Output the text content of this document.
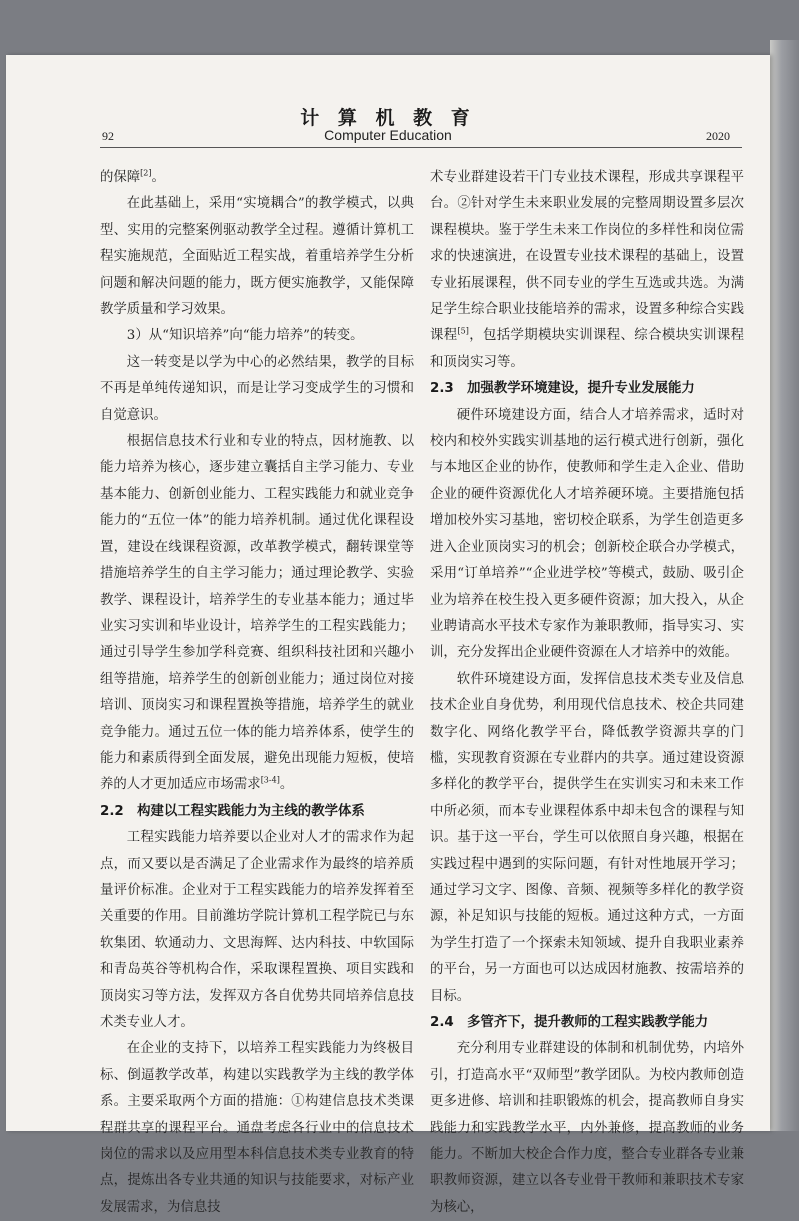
计 算 机 教 育
Computer Education
92	2020

的保障[2]。

在此基础上，采用“实境耦合”的教学模式，以典型、实用的完整案例驱动教学全过程。遵循计算机工程实施规范，全面贴近工程实战，着重培养学生分析问题和解决问题的能力，既方便实施教学，又能保障教学质量和学习效果。

3）从“知识培养”向“能力培养”的转变。

这一转变是以学为中心的必然结果，教学的目标不再是单纯传递知识，而是让学习变成学生的习惯和自觉意识。

根据信息技术行业和专业的特点，因材施教、以能力培养为核心，逐步建立囊括自主学习能力、专业基本能力、创新创业能力、工程实践能力和就业竞争能力的“五位一体”的能力培养机制。通过优化课程设置，建设在线课程资源，改革教学模式，翻转课堂等措施培养学生的自主学习能力；通过理论教学、实验教学、课程设计，培养学生的专业基本能力；通过毕业实习实训和毕业设计，培养学生的工程实践能力；通过引导学生参加学科竞赛、组织科技社团和兴趣小组等措施，培养学生的创新创业能力；通过岗位对接培训、顶岗实习和课程置换等措施，培养学生的就业竞争能力。通过五位一体的能力培养体系，使学生的能力和素质得到全面发展，避免出现能力短板，使培养的人才更加适应市场需求[3-4]。

2.2　构建以工程实践能力为主线的教学体系

工程实践能力培养要以企业对人才的需求作为起点，而又要以是否满足了企业需求作为最终的培养质量评价标准。企业对于工程实践能力的培养发挥着至关重要的作用。目前潍坊学院计算机工程学院已与东软集团、软通动力、文思海辉、达内科技、中软国际和青岛英谷等机构合作，采取课程置换、项目实践和顶岗实习等方法，发挥双方各自优势共同培养信息技术类专业人才。

在企业的支持下，以培养工程实践能力为终极目标、倒逼教学改革，构建以实践教学为主线的教学体系。主要采取两个方面的措施：①构建信息技术类课程群共享的课程平台。通盘考虑各行业中的信息技术岗位的需求以及应用型本科信息技术类专业教育的特点，提炼出各专业共通的知识与技能要求，对标产业发展需求，为信息技

术专业群建设若干门专业技术课程，形成共享课程平台。②针对学生未来职业发展的完整周期设置多层次课程模块。鉴于学生未来工作岗位的多样性和岗位需求的快速演进，在设置专业技术课程的基础上，设置专业拓展课程，供不同专业的学生互选或共选。为满足学生综合职业技能培养的需求，设置多种综合实践课程[5]，包括学期模块实训课程、综合模块实训课程和顶岗实习等。

2.3　加强教学环境建设，提升专业发展能力

硬件环境建设方面，结合人才培养需求，适时对校内和校外实践实训基地的运行模式进行创新，强化与本地区企业的协作，使教师和学生走入企业、借助企业的硬件资源优化人才培养硬环境。主要措施包括增加校外实习基地，密切校企联系，为学生创造更多进入企业顶岗实习的机会；创新校企联合办学模式，采用“订单培养”“企业进学校”等模式，鼓励、吸引企业为培养在校生投入更多硬件资源；加大投入，从企业聘请高水平技术专家作为兼职教师，指导实习、实训，充分发挥出企业硬件资源在人才培养中的效能。

软件环境建设方面，发挥信息技术类专业及信息技术企业自身优势，利用现代信息技术、校企共同建数字化、网络化教学平台，降低教学资源共享的门槛，实现教育资源在专业群内的共享。通过建设资源多样化的教学平台，提供学生在实训实习和未来工作中所必须，而本专业课程体系中却未包含的课程与知识。基于这一平台，学生可以依照自身兴趣，根据在实践过程中遇到的实际问题，有针对性地展开学习；通过学习文字、图像、音频、视频等多样化的教学资源，补足知识与技能的短板。通过这种方式，一方面为学生打造了一个探索未知领域、提升自我职业素养的平台，另一方面也可以达成因材施教、按需培养的目标。

2.4　多管齐下，提升教师的工程实践教学能力

充分利用专业群建设的体制和机制优势，内培外引，打造高水平“双师型”教学团队。为校内教师创造更多进修、培训和挂职锻炼的机会，提高教师自身实践能力和实践教学水平，内外兼修，提高教师的业务能力。不断加大校企合作力度，整合专业群各专业兼职教师资源，建立以各专业骨干教师和兼职技术专家为核心，
